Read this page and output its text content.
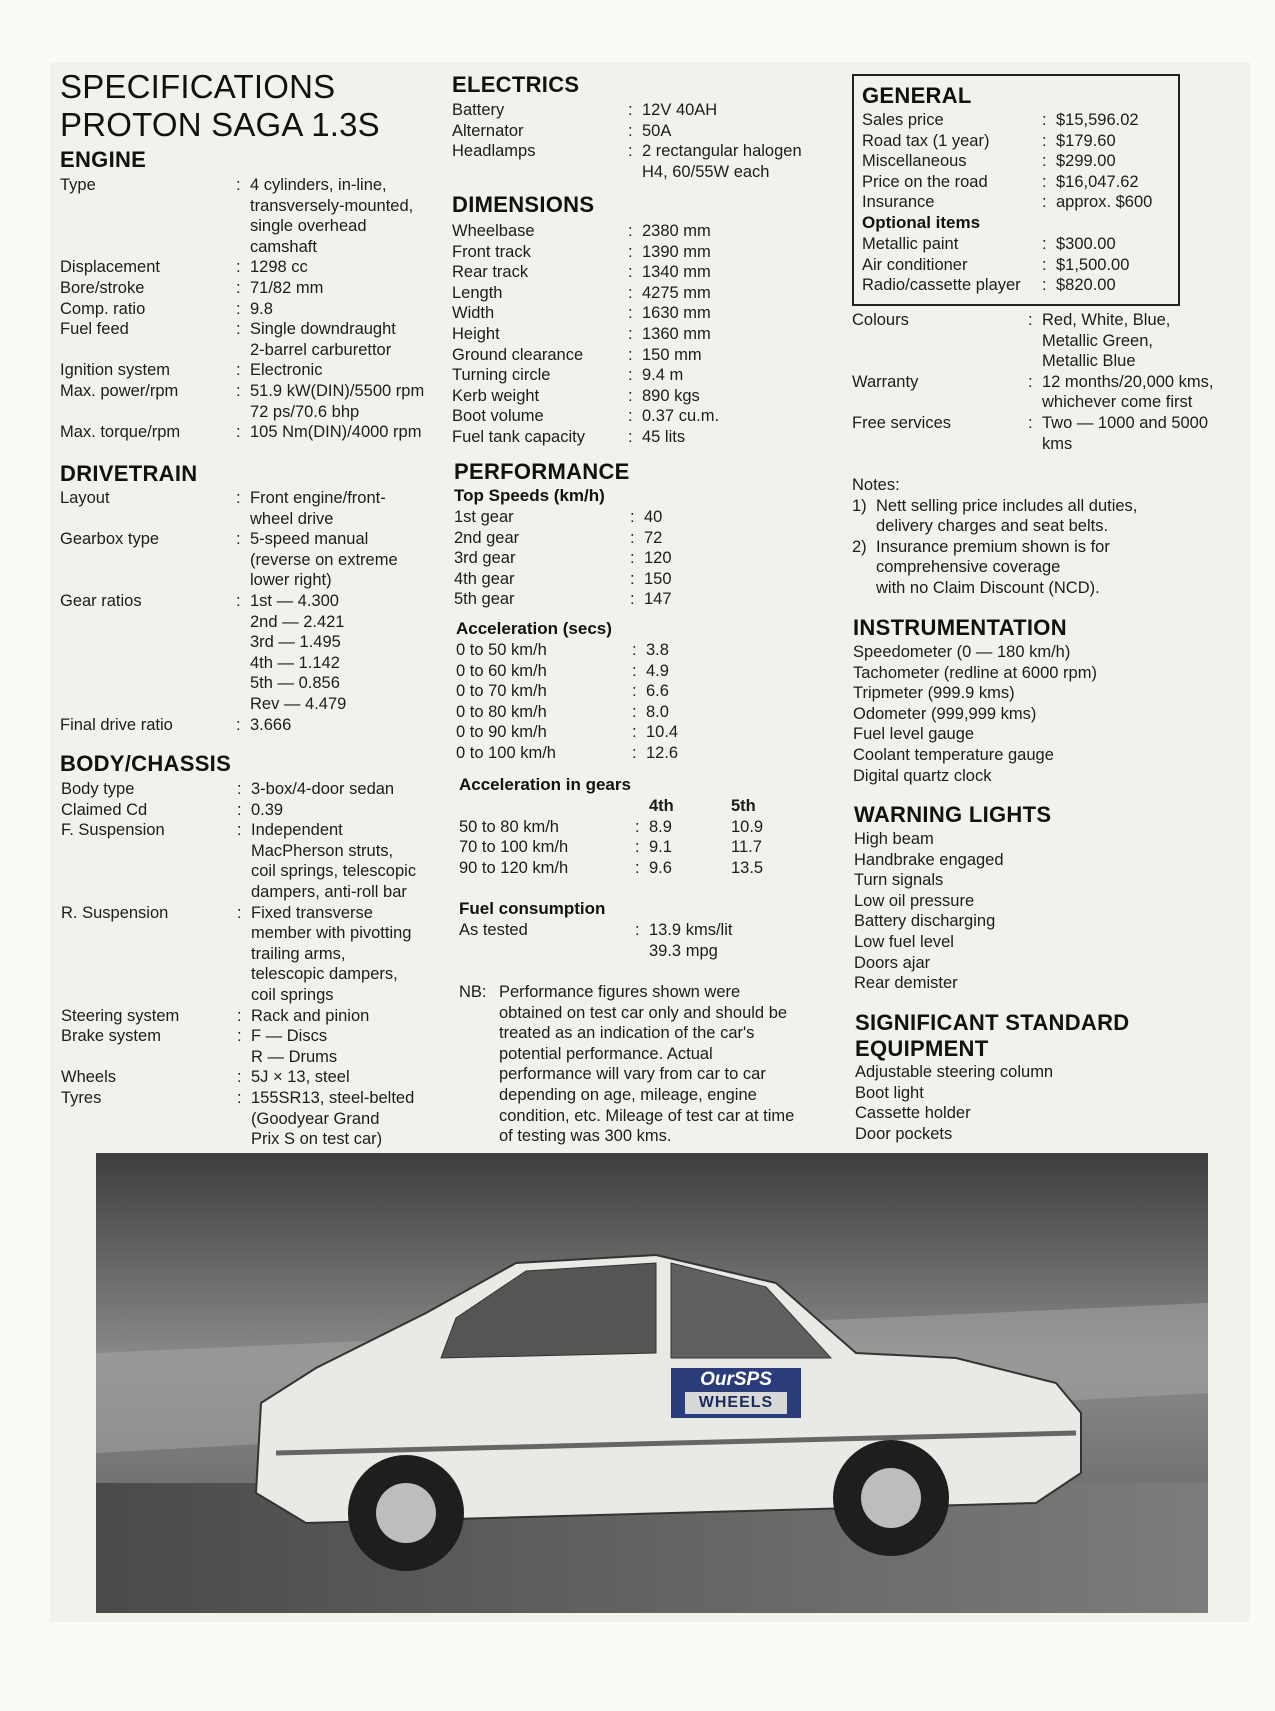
SPECIFICATIONS
PROTON SAGA 1.3S
ENGINE
Type	: 4 cylinders, in-line,
transversely-mounted,
single overhead
camshaft
Displacement	: 1298 cc
Bore/stroke	: 71/82 mm
Comp. ratio	: 9.8
Fuel feed	: Single downdraught
2-barrel carburettor
Ignition system	: Electronic
Max. power/rpm	: 51.9 kW(DIN)/5500 rpm
72 ps/70.6 bhp
Max. torque/rpm	: 105 Nm(DIN)/4000 rpm
DRIVETRAIN
Layout	: Front engine/front-
wheel drive
Gearbox type	: 5-speed manual
(reverse on extreme
lower right)
Gear ratios	: 1st — 4.300
2nd — 2.421
3rd — 1.495
4th — 1.142
5th — 0.856
Rev — 4.479
Final drive ratio	: 3.666
BODY/CHASSIS
Body type	: 3-box/4-door sedan
Claimed Cd	: 0.39
F. Suspension	: Independent
MacPherson struts,
coil springs, telescopic
dampers, anti-roll bar
R. Suspension	: Fixed transverse
member with pivotting
trailing arms,
telescopic dampers,
coil springs
Steering system	: Rack and pinion
Brake system	: F — Discs
R — Drums
Wheels	: 5J × 13, steel
Tyres	: 155SR13, steel-belted
(Goodyear Grand
Prix S on test car)
ELECTRICS
Battery	: 12V 40AH
Alternator	: 50A
Headlamps	: 2 rectangular halogen
H4, 60/55W each
DIMENSIONS
Wheelbase	: 2380 mm
Front track	: 1390 mm
Rear track	: 1340 mm
Length	: 4275 mm
Width	: 1630 mm
Height	: 1360 mm
Ground clearance	: 150 mm
Turning circle	: 9.4 m
Kerb weight	: 890 kgs
Boot volume	: 0.37 cu.m.
Fuel tank capacity	: 45 lits
PERFORMANCE
Top Speeds (km/h)
1st gear	: 40
2nd gear	: 72
3rd gear	: 120
4th gear	: 150
5th gear	: 147
Acceleration (secs)
0 to 50 km/h	: 3.8
0 to 60 km/h	: 4.9
0 to 70 km/h	: 6.6
0 to 80 km/h	: 8.0
0 to 90 km/h	: 10.4
0 to 100 km/h	: 12.6
Acceleration in gears
4th	5th
50 to 80 km/h	: 8.9	10.9
70 to 100 km/h	: 9.1	11.7
90 to 120 km/h	: 9.6	13.5
Fuel consumption
As tested	: 13.9 kms/lit
39.3 mpg
NB: Performance figures shown were
obtained on test car only and should be
treated as an indication of the car's
potential performance. Actual
performance will vary from car to car
depending on age, mileage, engine
condition, etc. Mileage of test car at time
of testing was 300 kms.
GENERAL
Sales price	: $15,596.02
Road tax (1 year)	: $179.60
Miscellaneous	: $299.00
Price on the road	: $16,047.62
Insurance	: approx. $600
Optional items
Metallic paint	: $300.00
Air conditioner	: $1,500.00
Radio/cassette player	: $820.00
Colours	: Red, White, Blue,
Metallic Green,
Metallic Blue
Warranty	: 12 months/20,000 kms,
whichever come first
Free services	: Two — 1000 and 5000
kms
Notes:
1) Nett selling price includes all duties,
delivery charges and seat belts.
2) Insurance premium shown is for
comprehensive coverage
with no Claim Discount (NCD).
INSTRUMENTATION
Speedometer (0 — 180 km/h)
Tachometer (redline at 6000 rpm)
Tripmeter (999.9 kms)
Odometer (999,999 kms)
Fuel level gauge
Coolant temperature gauge
Digital quartz clock
WARNING LIGHTS
High beam
Handbrake engaged
Turn signals
Low oil pressure
Battery discharging
Low fuel level
Doors ajar
Rear demister
SIGNIFICANT STANDARD
EQUIPMENT
Adjustable steering column
Boot light
Cassette holder
Door pockets
OurSPS
WHEELS
